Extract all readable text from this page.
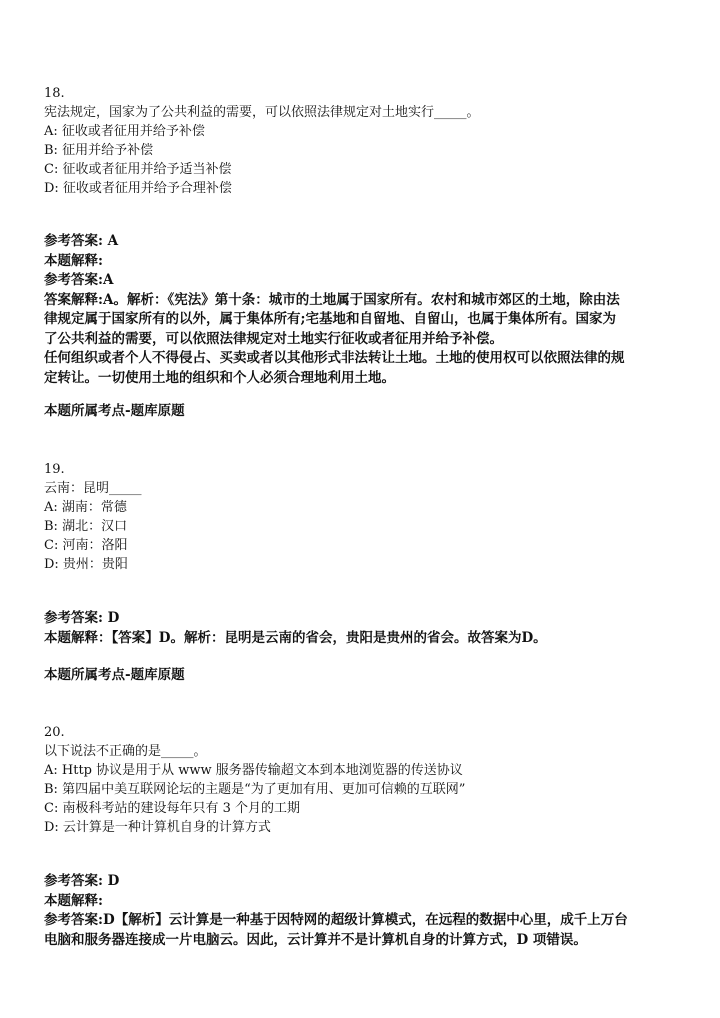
18.
宪法规定，国家为了公共利益的需要，可以依照法律规定对土地实行_____。
A: 征收或者征用并给予补偿
B: 征用并给予补偿
C: 征收或者征用并给予适当补偿
D: 征收或者征用并给予合理补偿
参考答案: A
本题解释:
参考答案:A
答案解释:A。解析：《宪法》第十条：城市的土地属于国家所有。农村和城市郊区的土地，除由法
律规定属于国家所有的以外，属于集体所有;宅基地和自留地、自留山，也属于集体所有。国家为
了公共利益的需要，可以依照法律规定对土地实行征收或者征用并给予补偿。
任何组织或者个人不得侵占、买卖或者以其他形式非法转让土地。土地的使用权可以依照法律的规
定转让。一切使用土地的组织和个人必须合理地利用土地。
本题所属考点-题库原题
19.
云南：昆明_____
A: 湖南：常德
B: 湖北：汉口
C: 河南：洛阳
D: 贵州：贵阳
参考答案: D
本题解释：【答案】D。解析：昆明是云南的省会，贵阳是贵州的省会。故答案为D。
本题所属考点-题库原题
20.
以下说法不正确的是_____。
A: Http 协议是用于从 www 服务器传输超文本到本地浏览器的传送协议
B: 第四届中美互联网论坛的主题是“为了更加有用、更加可信赖的互联网”
C: 南极科考站的建设每年只有 3 个月的工期
D: 云计算是一种计算机自身的计算方式
参考答案: D
本题解释:
参考答案:D【解析】云计算是一种基于因特网的超级计算模式，在远程的数据中心里，成千上万台
电脑和服务器连接成一片电脑云。因此，云计算并不是计算机自身的计算方式，D 项错误。
